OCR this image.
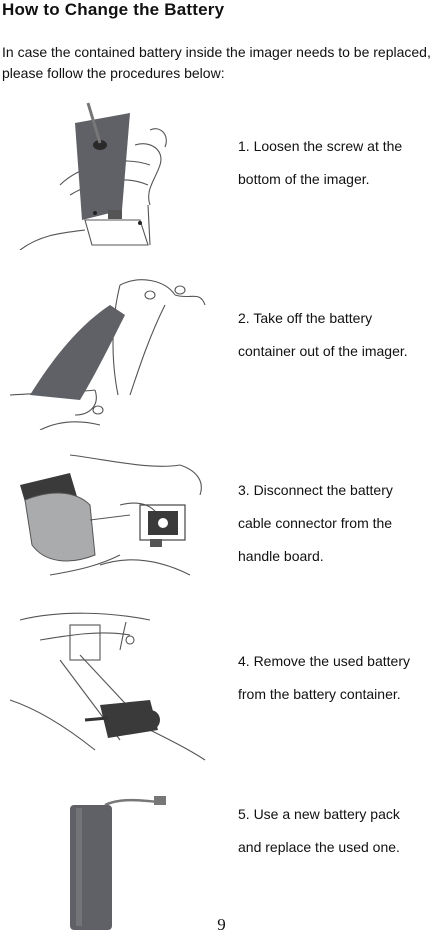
How to Change the Battery
In case the contained battery inside the imager needs to be replaced, please follow the procedures below:
1. Loosen the screw at the
bottom of the imager.
2. Take off the battery
container out of the imager.
3. Disconnect the battery
cable connector from the
handle board.
4. Remove the used battery
from the battery container.
5. Use a new battery pack
and replace the used one.
9
